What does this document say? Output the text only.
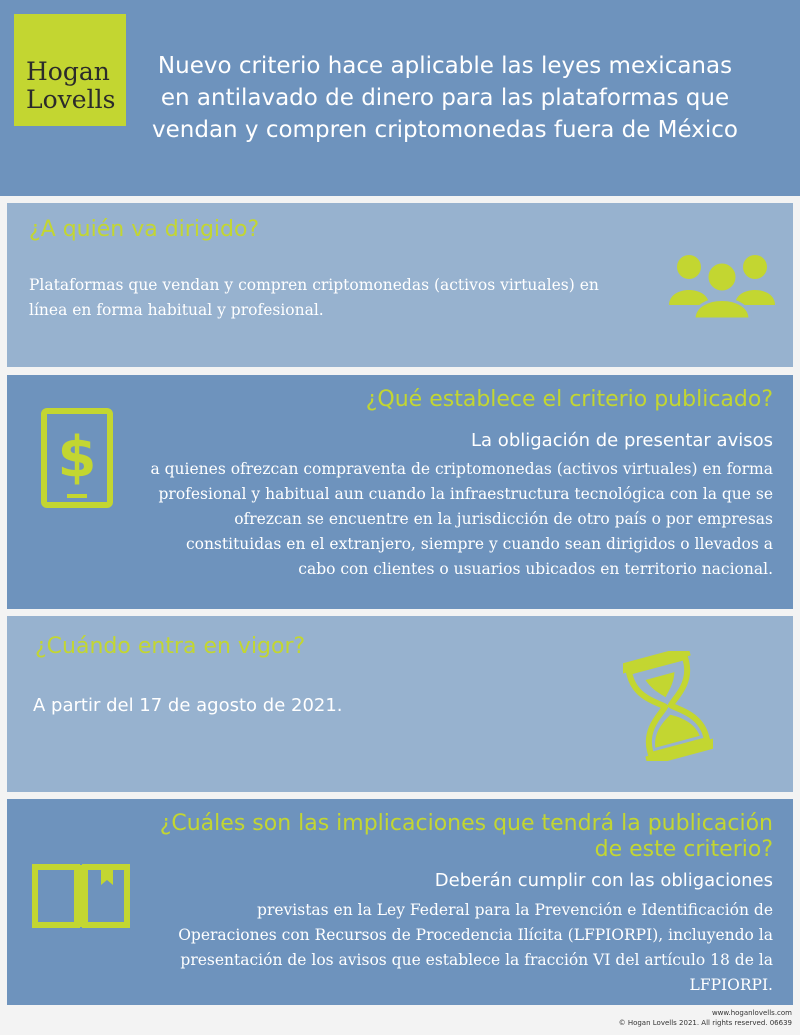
Hogan
Lovells
Nuevo criterio hace aplicable las leyes mexicanas en antilavado de dinero para las plataformas que vendan y compren criptomonedas fuera de México
¿A quién va dirigido?
Plataformas que vendan y compren criptomonedas (activos virtuales) en línea en forma habitual y profesional.
¿Qué establece el criterio publicado?
La obligación de presentar avisos
a quienes ofrezcan compraventa de criptomonedas (activos virtuales) en forma profesional y habitual aun cuando la infraestructura tecnológica con la que se ofrezcan se encuentre en la jurisdicción de otro país o por empresas constituidas en el extranjero, siempre y cuando sean dirigidos o llevados a cabo con clientes o usuarios ubicados en territorio nacional.
$
¿Cuándo entra en vigor?
A partir del 17 de agosto de 2021.
¿Cuáles son las implicaciones que tendrá la publicación de este criterio?
Deberán cumplir con las obligaciones
previstas en la Ley Federal para la Prevención e Identificación de Operaciones con Recursos de Procedencia Ilícita (LFPIORPI), incluyendo la presentación de los avisos que establece la fracción VI del artículo 18 de la LFPIORPI.
www.hoganlovells.com
© Hogan Lovells 2021. All rights reserved. 06639
